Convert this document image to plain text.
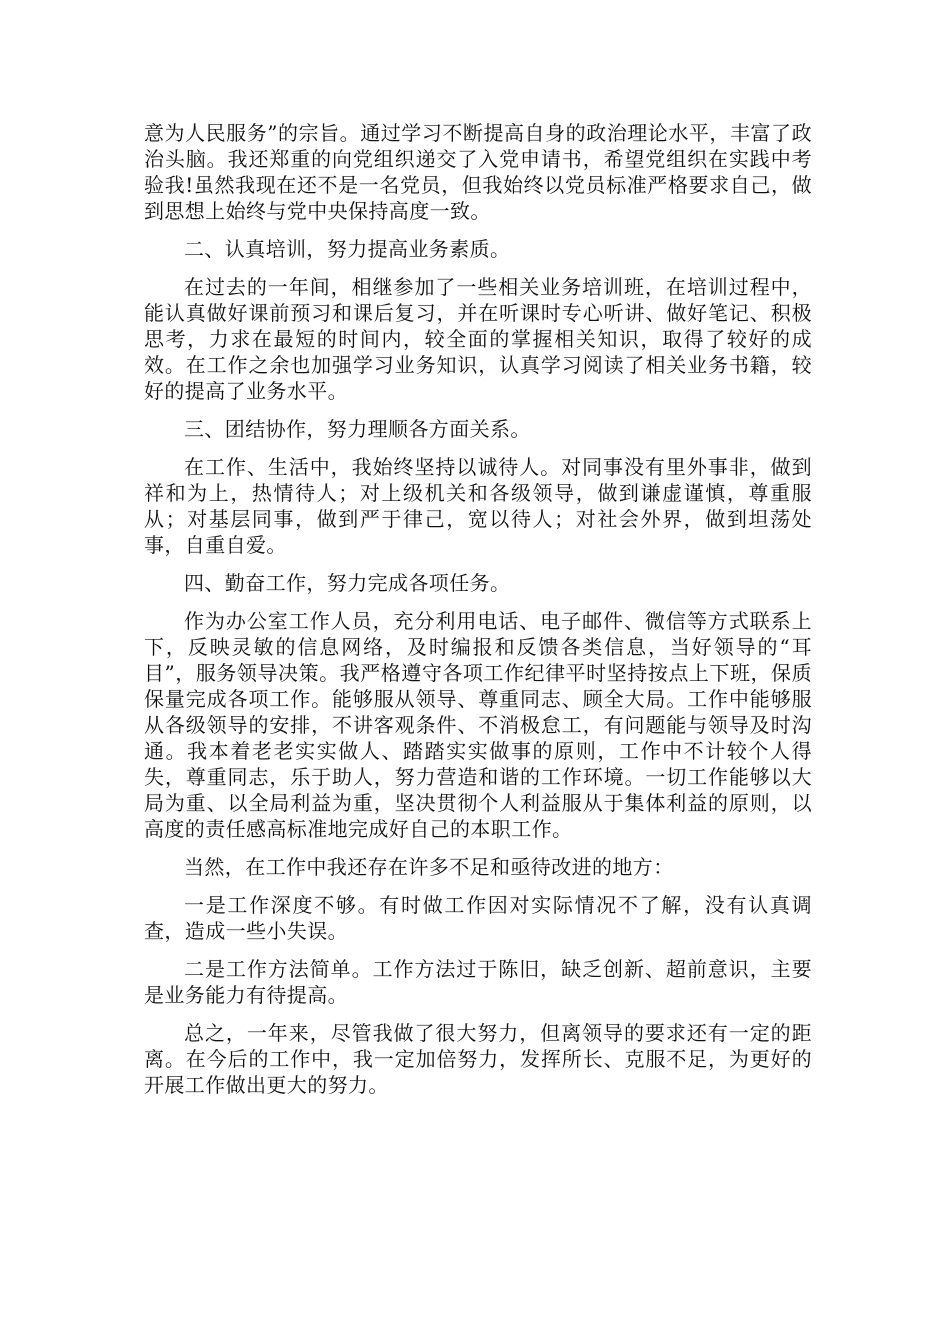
意为人民服务”的宗旨。通过学习不断提高自身的政治理论水平，丰富了政治头脑。我还郑重的向党组织递交了入党申请书，希望党组织在实践中考验我!虽然我现在还不是一名党员，但我始终以党员标准严格要求自己，做到思想上始终与党中央保持高度一致。

二、认真培训，努力提高业务素质。

在过去的一年间，相继参加了一些相关业务培训班，在培训过程中，能认真做好课前预习和课后复习，并在听课时专心听讲、做好笔记、积极思考，力求在最短的时间内，较全面的掌握相关知识，取得了较好的成效。在工作之余也加强学习业务知识，认真学习阅读了相关业务书籍，较好的提高了业务水平。

三、团结协作，努力理顺各方面关系。

在工作、生活中，我始终坚持以诚待人。对同事没有里外事非，做到祥和为上，热情待人；对上级机关和各级领导，做到谦虚谨慎，尊重服从；对基层同事，做到严于律己，宽以待人；对社会外界，做到坦荡处事，自重自爱。

四、勤奋工作，努力完成各项任务。

作为办公室工作人员，充分利用电话、电子邮件、微信等方式联系上下，反映灵敏的信息网络，及时编报和反馈各类信息，当好领导的“耳目”，服务领导决策。我严格遵守各项工作纪律平时坚持按点上下班，保质保量完成各项工作。能够服从领导、尊重同志、顾全大局。工作中能够服从各级领导的安排，不讲客观条件、不消极怠工，有问题能与领导及时沟通。我本着老老实实做人、踏踏实实做事的原则，工作中不计较个人得失，尊重同志，乐于助人，努力营造和谐的工作环境。一切工作能够以大局为重、以全局利益为重，坚决贯彻个人利益服从于集体利益的原则，以高度的责任感高标准地完成好自己的本职工作。

当然，在工作中我还存在许多不足和亟待改进的地方：

一是工作深度不够。有时做工作因对实际情况不了解，没有认真调查，造成一些小失误。

二是工作方法简单。工作方法过于陈旧，缺乏创新、超前意识，主要是业务能力有待提高。

总之，一年来，尽管我做了很大努力，但离领导的要求还有一定的距离。在今后的工作中，我一定加倍努力，发挥所长、克服不足，为更好的开展工作做出更大的努力。
